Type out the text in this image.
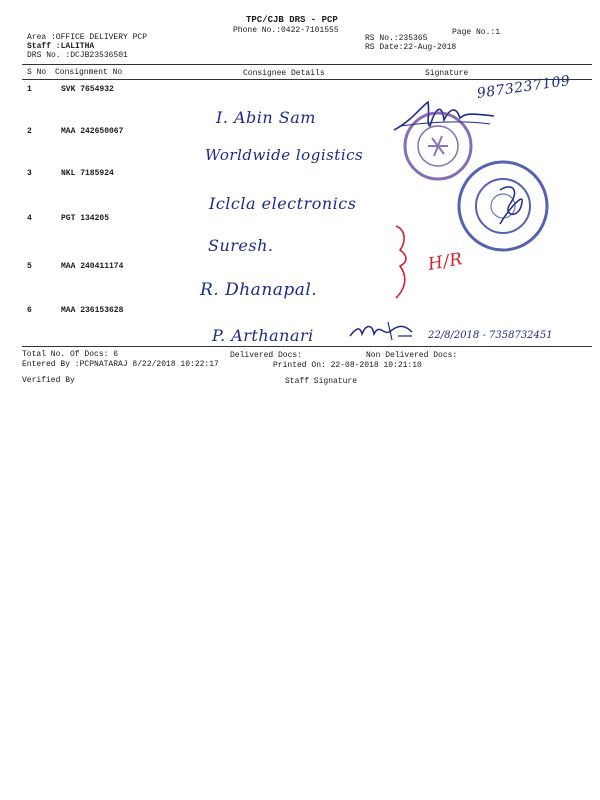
TPC/CJB DRS - PCP
Phone No.:0422-7101555	Page No.:1
Area :OFFICE DELIVERY PCP	RS No.:235365
Staff :LALITHA	RS Date:22-Aug-2018
DRS No. :DCJB23536501
S No Consignment No	Consignee Details	Signature
1	SVK 7654932
I. Abin Sam
2	MAA 242650067
Worldwide logistics
3	NKL 7185924
Iclcla electronics
4	PGT 134205
Suresh.
5	MAA 240411174
R. Dhanapal.
6	MAA 236153628
P. Arthanari	22/8/2018 - 7358732451
9873237109
H/R
Total No. Of Docs: 6	Delivered Docs:	Non Delivered Docs:
Entered By :PCPNATARAJ 8/22/2018 10:22:17	Printed On: 22-08-2018 10:21:10
Verified By	Staff Signature
